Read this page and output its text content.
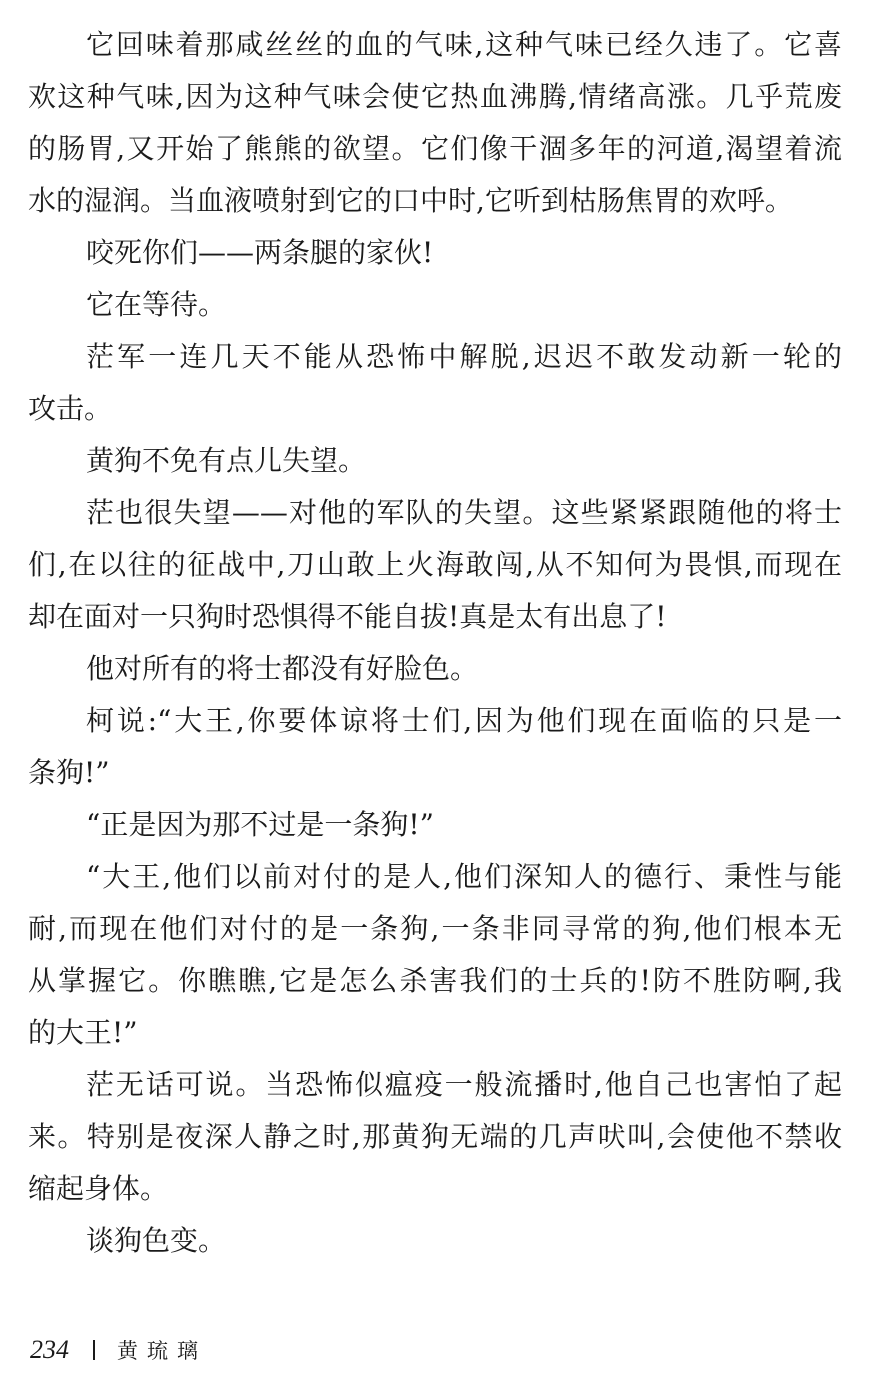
它回味着那咸丝丝的血的气味,这种气味已经久违了。它喜
欢这种气味,因为这种气味会使它热血沸腾,情绪高涨。几乎荒废
的肠胃,又开始了熊熊的欲望。它们像干涸多年的河道,渴望着流
水的湿润。当血液喷射到它的口中时,它听到枯肠焦胃的欢呼。
咬死你们——两条腿的家伙!
它在等待。
茫军一连几天不能从恐怖中解脱,迟迟不敢发动新一轮的
攻击。
黄狗不免有点儿失望。
茫也很失望——对他的军队的失望。这些紧紧跟随他的将士
们,在以往的征战中,刀山敢上火海敢闯,从不知何为畏惧,而现在
却在面对一只狗时恐惧得不能自拔!真是太有出息了!
他对所有的将士都没有好脸色。
柯说:“大王,你要体谅将士们,因为他们现在面临的只是一
条狗!”
“正是因为那不过是一条狗!”
“大王,他们以前对付的是人,他们深知人的德行、秉性与能
耐,而现在他们对付的是一条狗,一条非同寻常的狗,他们根本无
从掌握它。你瞧瞧,它是怎么杀害我们的士兵的!防不胜防啊,我
的大王!”
茫无话可说。当恐怖似瘟疫一般流播时,他自己也害怕了起
来。特别是夜深人静之时,那黄狗无端的几声吠叫,会使他不禁收
缩起身体。
谈狗色变。
234 黄琉璃
